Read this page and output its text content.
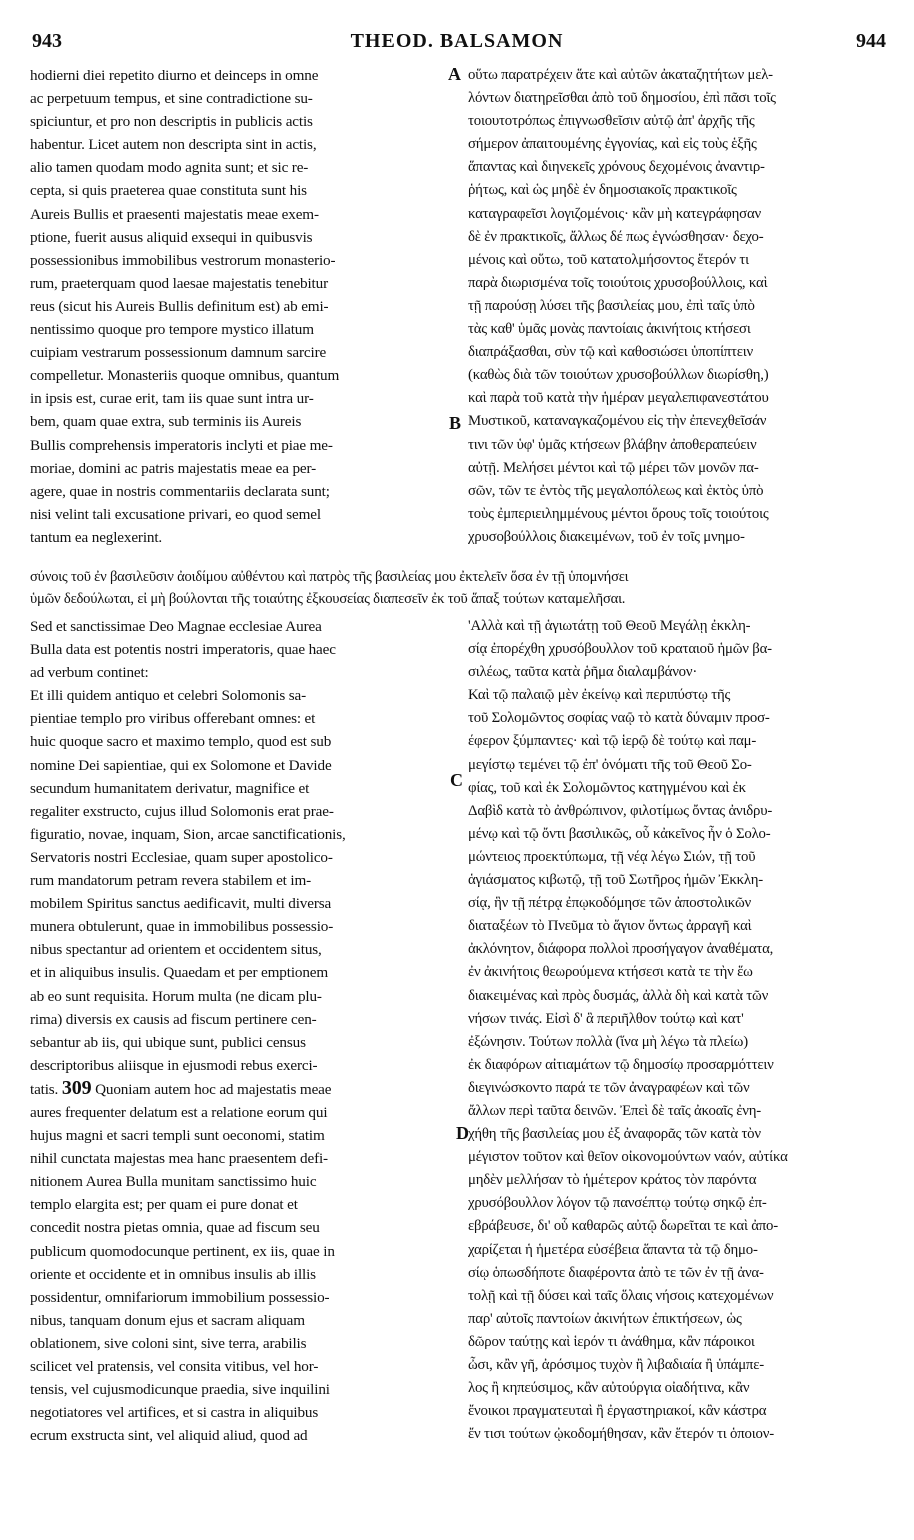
943	THEOD. BALSAMON	944
A
B
C
D

hodiernі diei repetito diurno et deinceps in omne

ac perpetuum tempus, et sine contradictione su-

spiciuntur, et pro non descriptis in publicis actis

habentur. Licet autem non descripta sint in actis,

alio tamen quodam modo agnita sunt; et sic re-

cepta, si quis praeterea quae constituta sunt his

Aureis Bullis et praesenti majestatis meae exem-

ptione, fuerit ausus aliquid exsequi in quibusvis

possessionibus immobilibus vestrorum monasterio-

rum, praeterquam quod laesae majestatis tenebitur

reus (sicut his Aureis Bullis definitum est) ab emi-

nentissimo quoque pro tempore mystico illatum

cuipiam vestrarum possessionum damnum sarcire

compelletur. Monasteriis quoque omnibus, quantum

in ipsis est, curae erit, tam iis quae sunt intra ur-

bem, quam quae extra, sub terminis iis Aureis

Bullis comprehensis imperatoris inclyti et piae me-

moriae, domini ac patris majestatis meae ea per-

agere, quae in nostris commentariis declarata sunt;

nisi velint tali excusatione privari, eo quod semel

tantum ea neglexerint.

οὕτω παρατρέχειν ἅτε καὶ αὐτῶν ἀκαταζητήτων μελ-

λόντων διατηρεῖσθαι ἀπὸ τοῦ δημοσίου, ἐπὶ πᾶσι τοῖς

τοιουτοτρόπως ἐπιγνωσθεῖσιν αὐτῷ ἀπ' ἀρχῆς τῆς

σήμερον ἀπαιτουμένης ἐγγονίας, καὶ εἰς τοὺς ἑξῆς

ἅπαντας καὶ διηνεκεῖς χρόνους δεχομένοις ἀναντιρ-

ῥήτως, καὶ ὡς μηδὲ ἐν δημοσιακοῖς πρακτικοῖς

καταγραφεῖσι λογιζομένοις· κἂν μὴ κατεγράφησαν

δὲ ἐν πρακτικοῖς, ἄλλως δέ πως ἐγνώσθησαν· δεχο-

μένοις καὶ οὕτω, τοῦ κατατολμήσοντος ἕτερόν τι

παρὰ διωρισμένα τοῖς τοιούτοις χρυσοβούλλοις, καὶ

τῇ παρούσῃ λύσει τῆς βασιλείας μου, ἐπὶ ταῖς ὑπὸ

τὰς καθ' ὑμᾶς μονὰς παντοίαις ἀκινήτοις κτήσεσι

διαπράξασθαι, σὺν τῷ καὶ καθοσιώσει ὑποπίπτειν

(καθὼς διὰ τῶν τοιούτων χρυσοβούλλων διωρίσθη,)

καὶ παρὰ τοῦ κατὰ τὴν ἡμέραν μεγαλεπιφανεστάτου

Μυστικοῦ, καταναγκαζομένου εἰς τὴν ἐπενεχθεῖσάν

τινι τῶν ὑφ' ὑμᾶς κτήσεων βλάβην ἀποθεραπεύειν

αὐτῇ. Μελήσει μέντοι καὶ τῷ μέρει τῶν μονῶν πα-

σῶν, τῶν τε ἐντὸς τῆς μεγαλοπόλεως καὶ ἐκτὸς ὑπὸ

τοὺς ἐμπεριειλημμένους μέντοι ὅρους τοῖς τοιούτοις

χρυσοβούλλοις διακειμένων, τοῦ ἐν τοῖς μνημο-

σύνοις τοῦ ἐν βασιλεῦσιν ἀοιδίμου αὐθέντου καὶ πατρὸς τῆς βασιλείας μου ἐκτελεῖν ὅσα ἐν τῇ ὑπομνήσει

ὑμῶν δεδούλωται, εἰ μὴ βούλονται τῆς τοιαύτης ἐξκουσείας διαπεσεῖν ἐκ τοῦ ἅπαξ τούτων καταμελῆσαι.

Sed et sanctissimae Deo Magnae ecclesiae Aurea

Bulla data est potentis nostri imperatoris, quae haec

ad verbum continet:

Et illi quidem antiquo et celebri Solomonis sa-

pientiae templo pro viribus offerebant omnes: et

huic quoque sacro et maximo templo, quod est sub

nomine Dei sapientiae, qui ex Solomone et Davide

secundum humanitatem derivatur, magnifice et

regaliter exstructo, cujus illud Solomonis erat prae-

figuratio, novae, inquam, Sion, arcae sanctificationis,

Servatoris nostri Ecclesiae, quam super apostolico-

rum mandatorum petram revera stabilem et im-

mobilem Spiritus sanctus aedificavit, multi diversa

munera obtulerunt, quae in immobilibus possessio-

nibus spectantur ad orientem et occidentem situs,

et in aliquibus insulis. Quaedam et per emptionem

ab eo sunt requisita. Horum multa (ne dicam plu-

rima) diversis ex causis ad fiscum pertinere cen-

sebantur ab iis, qui ubique sunt, publici census

descriptoribus aliisque in ejusmodi rebus exerci-

tatis. 309 Quoniam autem hoc ad majestatis meae

aures frequenter delatum est a relatione eorum qui

hujus magni et sacri templi sunt oeconomi, statim

nihil cunctata majestas mea hanc praesentem defi-

nitionem Aurea Bulla munitam sanctissimo huic

templo elargita est; per quam ei pure donat et

concedit nostra pietas omnia, quae ad fiscum seu

publicum quomodocunque pertinent, ex iis, quae in

oriente et occidente et in omnibus insulis ab illis

possidentur, omnifariorum immobilium possessio-

nibus, tanquam donum ejus et sacram aliquam

oblationem, sive coloni sint, sive terra, arabilis

scilicet vel pratensis, vel consita vitibus, vel hor-

tensis, vel cujusmodicunque praedia, sive inquilini

negotiatores vel artifices, et si castra in aliquibus

ecrum exstructa sint, vel aliquid aliud, quod ad

'Αλλὰ καὶ τῇ ἁγιωτάτῃ τοῦ Θεοῦ Μεγάλῃ ἐκκλη-

σίᾳ ἐπορέχθη χρυσόβουλλον τοῦ κραταιοῦ ἡμῶν βα-

σιλέως, ταῦτα κατὰ ῥῆμα διαλαμβάνον·

Καὶ τῷ παλαιῷ μὲν ἐκείνῳ καὶ περιπύστῳ τῆς

τοῦ Σολομῶντος σοφίας ναῷ τὸ κατὰ δύναμιν προσ-

έφερον ξύμπαντες· καὶ τῷ ἱερῷ δὲ τούτῳ καὶ παμ-

μεγίστῳ τεμένει τῷ ἐπ' ὀνόματι τῆς τοῦ Θεοῦ Σο-

φίας, τοῦ καὶ ἐκ Σολομῶντος κατηγμένου καὶ ἐκ

Δαβὶδ κατὰ τὸ ἀνθρώπινον, φιλοτίμως ὄντας ἀνιδρυ-

μένῳ καὶ τῷ ὄντι βασιλικῶς, οὗ κἀκεῖνος ἦν ὁ Σολο-

μώντειος προεκτύπωμα, τῇ νέᾳ λέγω Σιών, τῇ τοῦ

ἁγιάσματος κιβωτῷ, τῇ τοῦ Σωτῆρος ἡμῶν Ἐκκλη-

σίᾳ, ἣν τῇ πέτρᾳ ἐπῳκοδόμησε τῶν ἀποστολικῶν

διαταξέων τὸ Πνεῦμα τὸ ἅγιον ὄντως ἀρραγῆ καὶ

ἀκλόνητον, διάφορα πολλοὶ προσήγαγον ἀναθέματα,

ἐν ἀκινήτοις θεωρούμενα κτήσεσι κατὰ τε τὴν ἕω

διακειμένας καὶ πρὸς δυσμάς, ἀλλὰ δὴ καὶ κατὰ τῶν

νήσων τινάς. Εἰσὶ δ' ἃ περιῆλθον τούτῳ καὶ κατ'

ἐξώνησιν. Τούτων πολλὰ (ἵνα μὴ λέγω τὰ πλείω)

ἐκ διαφόρων αἰτιαμάτων τῷ δημοσίῳ προσαρμόττειν

διεγινώσκοντο παρά τε τῶν ἀναγραφέων καὶ τῶν

ἄλλων περὶ ταῦτα δεινῶν. Ἐπεὶ δὲ ταῖς ἀκοαῖς ἐνη-

χήθη τῆς βασιλείας μου ἐξ ἀναφορᾶς τῶν κατὰ τὸν

μέγιστον τοῦτον καὶ θεῖον οἰκονομούντων ναόν, αὐτίκα

μηδὲν μελλήσαν τὸ ἡμέτερον κράτος τὸν παρόντα

χρυσόβουλλον λόγον τῷ πανσέπτῳ τούτῳ σηκῷ ἐπ-

εβράβευσε, δι' οὗ καθαρῶς αὐτῷ δωρεῖται τε καὶ ἀπο-

χαρίζεται ἡ ἡμετέρα εὐσέβεια ἅπαντα τὰ τῷ δημο-

σίῳ ὁπωσδήποτε διαφέροντα ἀπὸ τε τῶν ἐν τῇ ἀνα-

τολῇ καὶ τῇ δύσει καὶ ταῖς ὅλαις νήσοις κατεχομένων

παρ' αὐτοῖς παντοίων ἀκινήτων ἐπικτήσεων, ὡς

δῶρον ταύτῃς καὶ ἱερόν τι ἀνάθημα, κἂν πάροικοι

ὦσι, κἂν γῆ, ἀρόσιμος τυχὸν ἢ λιβαδιαία ἢ ὑπάμπε-

λος ἢ κηπεύσιμος, κἂν αὐτούργια οἰαδήτινα, κἂν

ἔνοικοι πραγματευταὶ ἢ ἐργαστηριακοί, κἂν κάστρα

ἔν τισι τούτων ᾠκοδομήθησαν, κἂν ἕτερόν τι ὁποιον-
